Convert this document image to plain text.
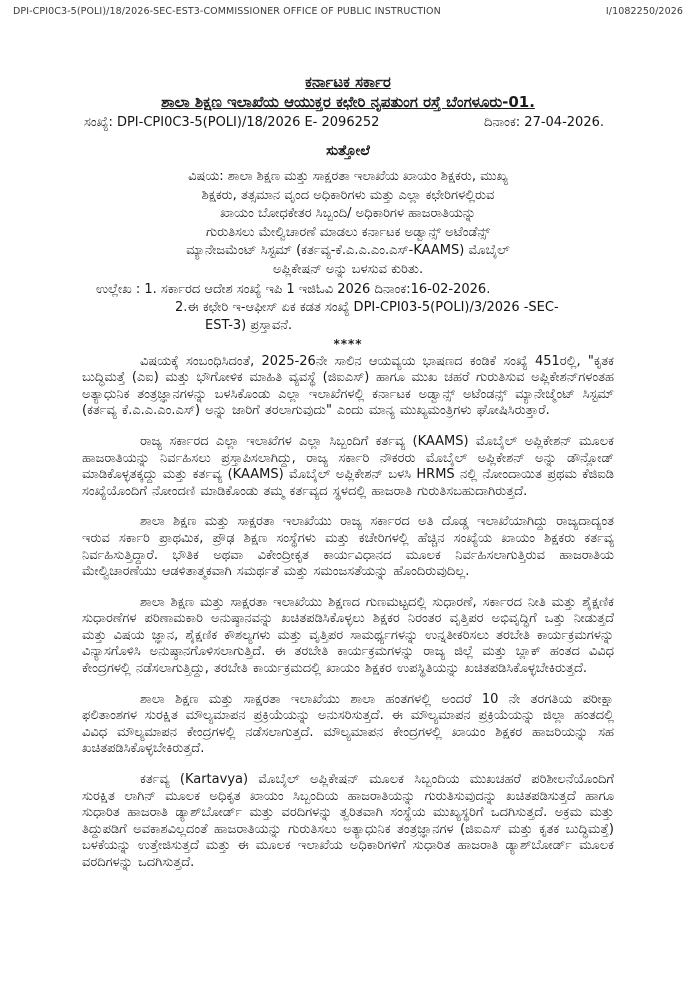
DPI-CPI0C3-5(POLI)/18/2026-SEC-EST3-COMMISSIONER OFFICE OF PUBLIC INSTRUCTION	I/1082250/2026
ಕರ್ನಾಟಕ ಸರ್ಕಾರ
ಶಾಲಾ ಶಿಕ್ಷಣ ಇಲಾಖೆಯ ಆಯುಕ್ತರ ಕಛೇರಿ ನೃಪತುಂಗ ರಸ್ತೆ ಬೆಂಗಳೂರು-01.
ಸಂಖ್ಯೆ: DPI-CPI0C3-5(POLI)/18/2026 E- 2096252	ದಿನಾಂಕ: 27-04-2026.
ಸುತ್ತೋಲೆ
ವಿಷಯ: ಶಾಲಾ ಶಿಕ್ಷಣ ಮತ್ತು ಸಾಕ್ಷರತಾ ಇಲಾಖೆಯ ಖಾಯಂ ಶಿಕ್ಷಕರು, ಮುಖ್ಯ
ಶಿಕ್ಷಕರು, ತತ್ಸಮಾನ ವೃಂದ ಅಧಿಕಾರಿಗಳು ಮತ್ತು ಎಲ್ಲಾ ಕಛೇರಿಗಳಲ್ಲಿರುವ
ಖಾಯಂ ಬೋಧಕೇತರ ಸಿಬ್ಬಂದಿ/ ಅಧಿಕಾರಿಗಳ ಹಾಜರಾತಿಯನ್ನು
ಗುರುತಿಸಲು ಮೇಲ್ವಿಚಾರಣೆ ಮಾಡಲು ಕರ್ನಾಟಕ ಅಡ್ವಾನ್ಸ್ ಅಟೆಂಡೆನ್ಸ್
ಮ್ಯಾನೇಜಮೆಂಟ್ ಸಿಸ್ಟಮ್ (ಕರ್ತವ್ಯ-ಕೆ.ಎ.ಎ.ಎಂ.ಎಸ್-KAAMS) ಮೊಬೈಲ್
ಅಪ್ಲಿಕೇಷನ್ ಅನ್ನು ಬಳಸುವ ಕುರಿತು.
ಉಲ್ಲೇಖ : 1. ಸರ್ಕಾರದ ಆದೇಶ ಸಂಖ್ಯೆ ಇಪಿ 1 ಇಜಿಓವಿ 2026 ದಿನಾಂಕ:16-02-2026.
2.ಈ ಕಛೇರಿ ಇ-ಆಫೀಸ್ ಏಕ ಕಡತ ಸಂಖ್ಯೆ DPI-CPI03-5(POLI)/3/2026 -SEC-
EST-3) ಪ್ರಸ್ತಾವನೆ.
****

ವಿಷಯಕ್ಕೆ ಸಂಬಂಧಿಸಿದಂತೆ, 2025-26ನೇ ಸಾಲಿನ ಆಯವ್ಯಯ ಭಾಷಣದ ಕಂಡಿಕೆ ಸಂಖ್ಯೆ 451ರಲ್ಲಿ, "ಕೃತಕ ಬುದ್ಧಿಮತ್ತೆ (ಎಐ) ಮತ್ತು ಭೌಗೋಳಿಕ ಮಾಹಿತಿ ವ್ಯವಸ್ಥೆ (ಜಿಐಎಸ್) ಹಾಗೂ ಮುಖ ಚಹರೆ ಗುರುತಿಸುವ ಅಪ್ಲಿಕೇಶನ್‌ಗಳಂತಹ ಅತ್ಯಾಧುನಿಕ ತಂತ್ರಜ್ಞಾನಗಳನ್ನು ಬಳಸಿಕೊಂಡು ಎಲ್ಲಾ ಇಲಾಖೆಗಳಲ್ಲಿ ಕರ್ನಾಟಕ ಅಡ್ವಾನ್ಸ್ ಅಟೆಂಡನ್ಸ್ ಮ್ಯಾನೇಜ್ಮೆಂಟ್ ಸಿಸ್ಟಮ್ (ಕರ್ತವ್ಯ ಕೆ.ಎ.ಎ.ಎಂ.ಎಸ್) ಅನ್ನು ಜಾರಿಗೆ ತರಲಾಗುವುದು" ಎಂದು ಮಾನ್ಯ ಮುಖ್ಯಮಂತ್ರಿಗಳು ಘೋಷಿಸಿರುತ್ತಾರೆ.

ರಾಜ್ಯ ಸರ್ಕಾರದ ಎಲ್ಲಾ ಇಲಾಖೆಗಳ ಎಲ್ಲಾ ಸಿಬ್ಬಂದಿಗೆ ಕರ್ತವ್ಯ (KAAMS) ಮೊಬೈಲ್ ಅಪ್ಲಿಕೇಶನ್ ಮೂಲಕ ಹಾಜರಾತಿಯನ್ನು ನಿರ್ವಹಿಸಲು ಪ್ರಸ್ತಾಪಿಸಲಾಗಿದ್ದು, ರಾಜ್ಯ ಸರ್ಕಾರಿ ನೌಕರರು ಮೊಬೈಲ್ ಅಪ್ಲಿಕೇಶನ್ ಅನ್ನು ಡೌನ್ಲೋಡ್ ಮಾಡಿಕೊಳ್ಳತಕ್ಕದ್ದು ಮತ್ತು ಕರ್ತವ್ಯ (KAAMS) ಮೊಬೈಲ್ ಅಪ್ಲಿಕೇಶನ್ ಬಳಸಿ HRMS ನಲ್ಲಿ ನೋಂದಾಯಿತ ಪ್ರಥಮ ಕೆಜಿಐಡಿ ಸಂಖ್ಯೆಯೊಂದಿಗೆ ನೋಂದಣಿ ಮಾಡಿಕೊಂಡು ತಮ್ಮ ಕರ್ತವ್ಯದ ಸ್ಥಳದಲ್ಲಿ ಹಾಜರಾತಿ ಗುರುತಿಸಬಹುದಾಗಿರುತ್ತದೆ.

ಶಾಲಾ ಶಿಕ್ಷಣ ಮತ್ತು ಸಾಕ್ಷರತಾ ಇಲಾಖೆಯು ರಾಜ್ಯ ಸರ್ಕಾರದ ಅತಿ ದೊಡ್ಡ ಇಲಾಖೆಯಾಗಿದ್ದು ರಾಜ್ಯದಾದ್ಯಂತ ಇರುವ ಸರ್ಕಾರಿ ಪ್ರಾಥಮಿಕ, ಪ್ರೌಢ ಶಿಕ್ಷಣ ಸಂಸ್ಥೆಗಳು ಮತ್ತು ಕಚೇರಿಗಳಲ್ಲಿ ಹೆಚ್ಚಿನ ಸಂಖ್ಯೆಯ ಖಾಯಂ ಶಿಕ್ಷಕರು ಕರ್ತವ್ಯ ನಿರ್ವಹಿಸುತ್ತಿದ್ದಾರೆ. ಭೌತಿಕ ಅಥವಾ ವಿಕೇಂದ್ರೀಕೃತ ಕಾರ್ಯವಿಧಾನದ ಮೂಲಕ ನಿರ್ವಹಿಸಲಾಗುತ್ತಿರುವ ಹಾಜರಾತಿಯ ಮೇಲ್ವಿಚಾರಣೆಯು ಆಡಳಿತಾತ್ಮಕವಾಗಿ ಸಮರ್ಥತೆ ಮತ್ತು ಸಮಂಜಸತೆಯನ್ನು ಹೊಂದಿರುವುದಿಲ್ಲ.

ಶಾಲಾ ಶಿಕ್ಷಣ ಮತ್ತು ಸಾಕ್ಷರತಾ ಇಲಾಖೆಯು ಶಿಕ್ಷಣದ ಗುಣಮಟ್ಟದಲ್ಲಿ ಸುಧಾರಣೆ, ಸರ್ಕಾರದ ನೀತಿ ಮತ್ತು ಶೈಕ್ಷಣಿಕ ಸುಧಾರಣೆಗಳ ಪರಿಣಾಮಕಾರಿ ಅನುಷ್ಠಾನವನ್ನು ಖಚಿತಪಡಿಸಿಕೊಳ್ಳಲು ಶಿಕ್ಷಕರ ನಿರಂತರ ವೃತ್ತಿಪರ ಅಭಿವೃದ್ಧಿಗೆ ಒತ್ತು ನೀಡುತ್ತದೆ ಮತ್ತು ವಿಷಯ ಜ್ಞಾನ, ಶೈಕ್ಷಣಿಕ ಕೌಶಲ್ಯಗಳು ಮತ್ತು ವೃತ್ತಿಪರ ಸಾಮರ್ಥ್ಯಗಳನ್ನು ಉನ್ನತೀಕರಿಸಲು ತರಬೇತಿ ಕಾರ್ಯಕ್ರಮಗಳನ್ನು ವಿನ್ಯಾಸಗೊಳಿಸಿ ಅನುಷ್ಠಾನಗೊಳಿಸಲಾಗುತ್ತಿದೆ. ಈ ತರಬೇತಿ ಕಾರ್ಯಕ್ರಮಗಳನ್ನು ರಾಜ್ಯ ಜಿಲ್ಲೆ ಮತ್ತು ಬ್ಲಾಕ್ ಹಂತದ ವಿವಿಧ ಕೇಂದ್ರಗಳಲ್ಲಿ ನಡೆಸಲಾಗುತ್ತಿದ್ದು, ತರಬೇತಿ ಕಾರ್ಯಕ್ರಮದಲ್ಲಿ ಖಾಯಂ ಶಿಕ್ಷಕರ ಉಪಸ್ಥಿತಿಯನ್ನು ಖಚಿತಪಡಿಸಿಕೊಳ್ಳಬೇಕಿರುತ್ತದೆ.

ಶಾಲಾ ಶಿಕ್ಷಣ ಮತ್ತು ಸಾಕ್ಷರತಾ ಇಲಾಖೆಯು ಶಾಲಾ ಹಂತಗಳಲ್ಲಿ ಅಂದರೆ 10 ನೇ ತರಗತಿಯ ಪರೀಕ್ಷಾ ಫಲಿತಾಂಶಗಳ ಸುರಕ್ಷಿತ ಮೌಲ್ಯಮಾಪನ ಪ್ರಕ್ರಿಯೆಯನ್ನು ಅನುಸರಿಸುತ್ತದೆ. ಈ ಮೌಲ್ಯಮಾಪನ ಪ್ರಕ್ರಿಯೆಯನ್ನು ಜಿಲ್ಲಾ ಹಂತದಲ್ಲಿ ವಿವಿಧ ಮೌಲ್ಯಮಾಪನ ಕೇಂದ್ರಗಳಲ್ಲಿ ನಡೆಸಲಾಗುತ್ತದೆ. ಮೌಲ್ಯಮಾಪನ ಕೇಂದ್ರಗಳಲ್ಲಿ ಖಾಯಂ ಶಿಕ್ಷಕರ ಹಾಜರಿಯನ್ನು ಸಹ ಖಚಿತಪಡಿಸಿಕೊಳ್ಳಬೇಕಿರುತ್ತದೆ.

ಕರ್ತವ್ಯ (Kartavya) ಮೊಬೈಲ್ ಅಪ್ಲಿಕೇಷನ್ ಮೂಲಕ ಸಿಬ್ಬಂದಿಯ ಮುಖಚಹರೆ ಪರಿಶೀಲನೆಯೊಂದಿಗೆ ಸುರಕ್ಷಿತ ಲಾಗಿನ್ ಮೂಲಕ ಅಧಿಕೃತ ಖಾಯಂ ಸಿಬ್ಬಂದಿಯ ಹಾಜರಾತಿಯನ್ನು ಗುರುತಿಸುವುದನ್ನು ಖಚಿತಪಡಿಸುತ್ತದೆ ಹಾಗೂ ಸುಧಾರಿತ ಹಾಜರಾತಿ ಡ್ಯಾಶ್‌ಬೋರ್ಡ್ ಮತ್ತು ವರದಿಗಳನ್ನು ತ್ವರಿತವಾಗಿ ಸಂಸ್ಥೆಯ ಮುಖ್ಯಸ್ಥರಿಗೆ ಒದಗಿಸುತ್ತದೆ. ಅಕ್ರಮ ಮತ್ತು ತಿದ್ದುಪಡಿಗೆ ಅವಕಾಶವಿಲ್ಲದಂತೆ ಹಾಜರಾತಿಯನ್ನು ಗುರುತಿಸಲು ಅತ್ಯಾಧುನಿಕ ತಂತ್ರಜ್ಞಾನಗಳ (ಜಿಐಎಸ್ ಮತ್ತು ಕೃತಕ ಬುದ್ಧಿಮತ್ತೆ) ಬಳಕೆಯನ್ನು ಉತ್ತೇಜಿಸುತ್ತದೆ ಮತ್ತು ಈ ಮೂಲಕ ಇಲಾಖೆಯ ಅಧಿಕಾರಿಗಳಿಗೆ ಸುಧಾರಿತ ಹಾಜರಾತಿ ಡ್ಯಾಶ್‌ಬೋರ್ಡ್ ಮೂಲಕ ವರದಿಗಳನ್ನು ಒದಗಿಸುತ್ತದೆ.
